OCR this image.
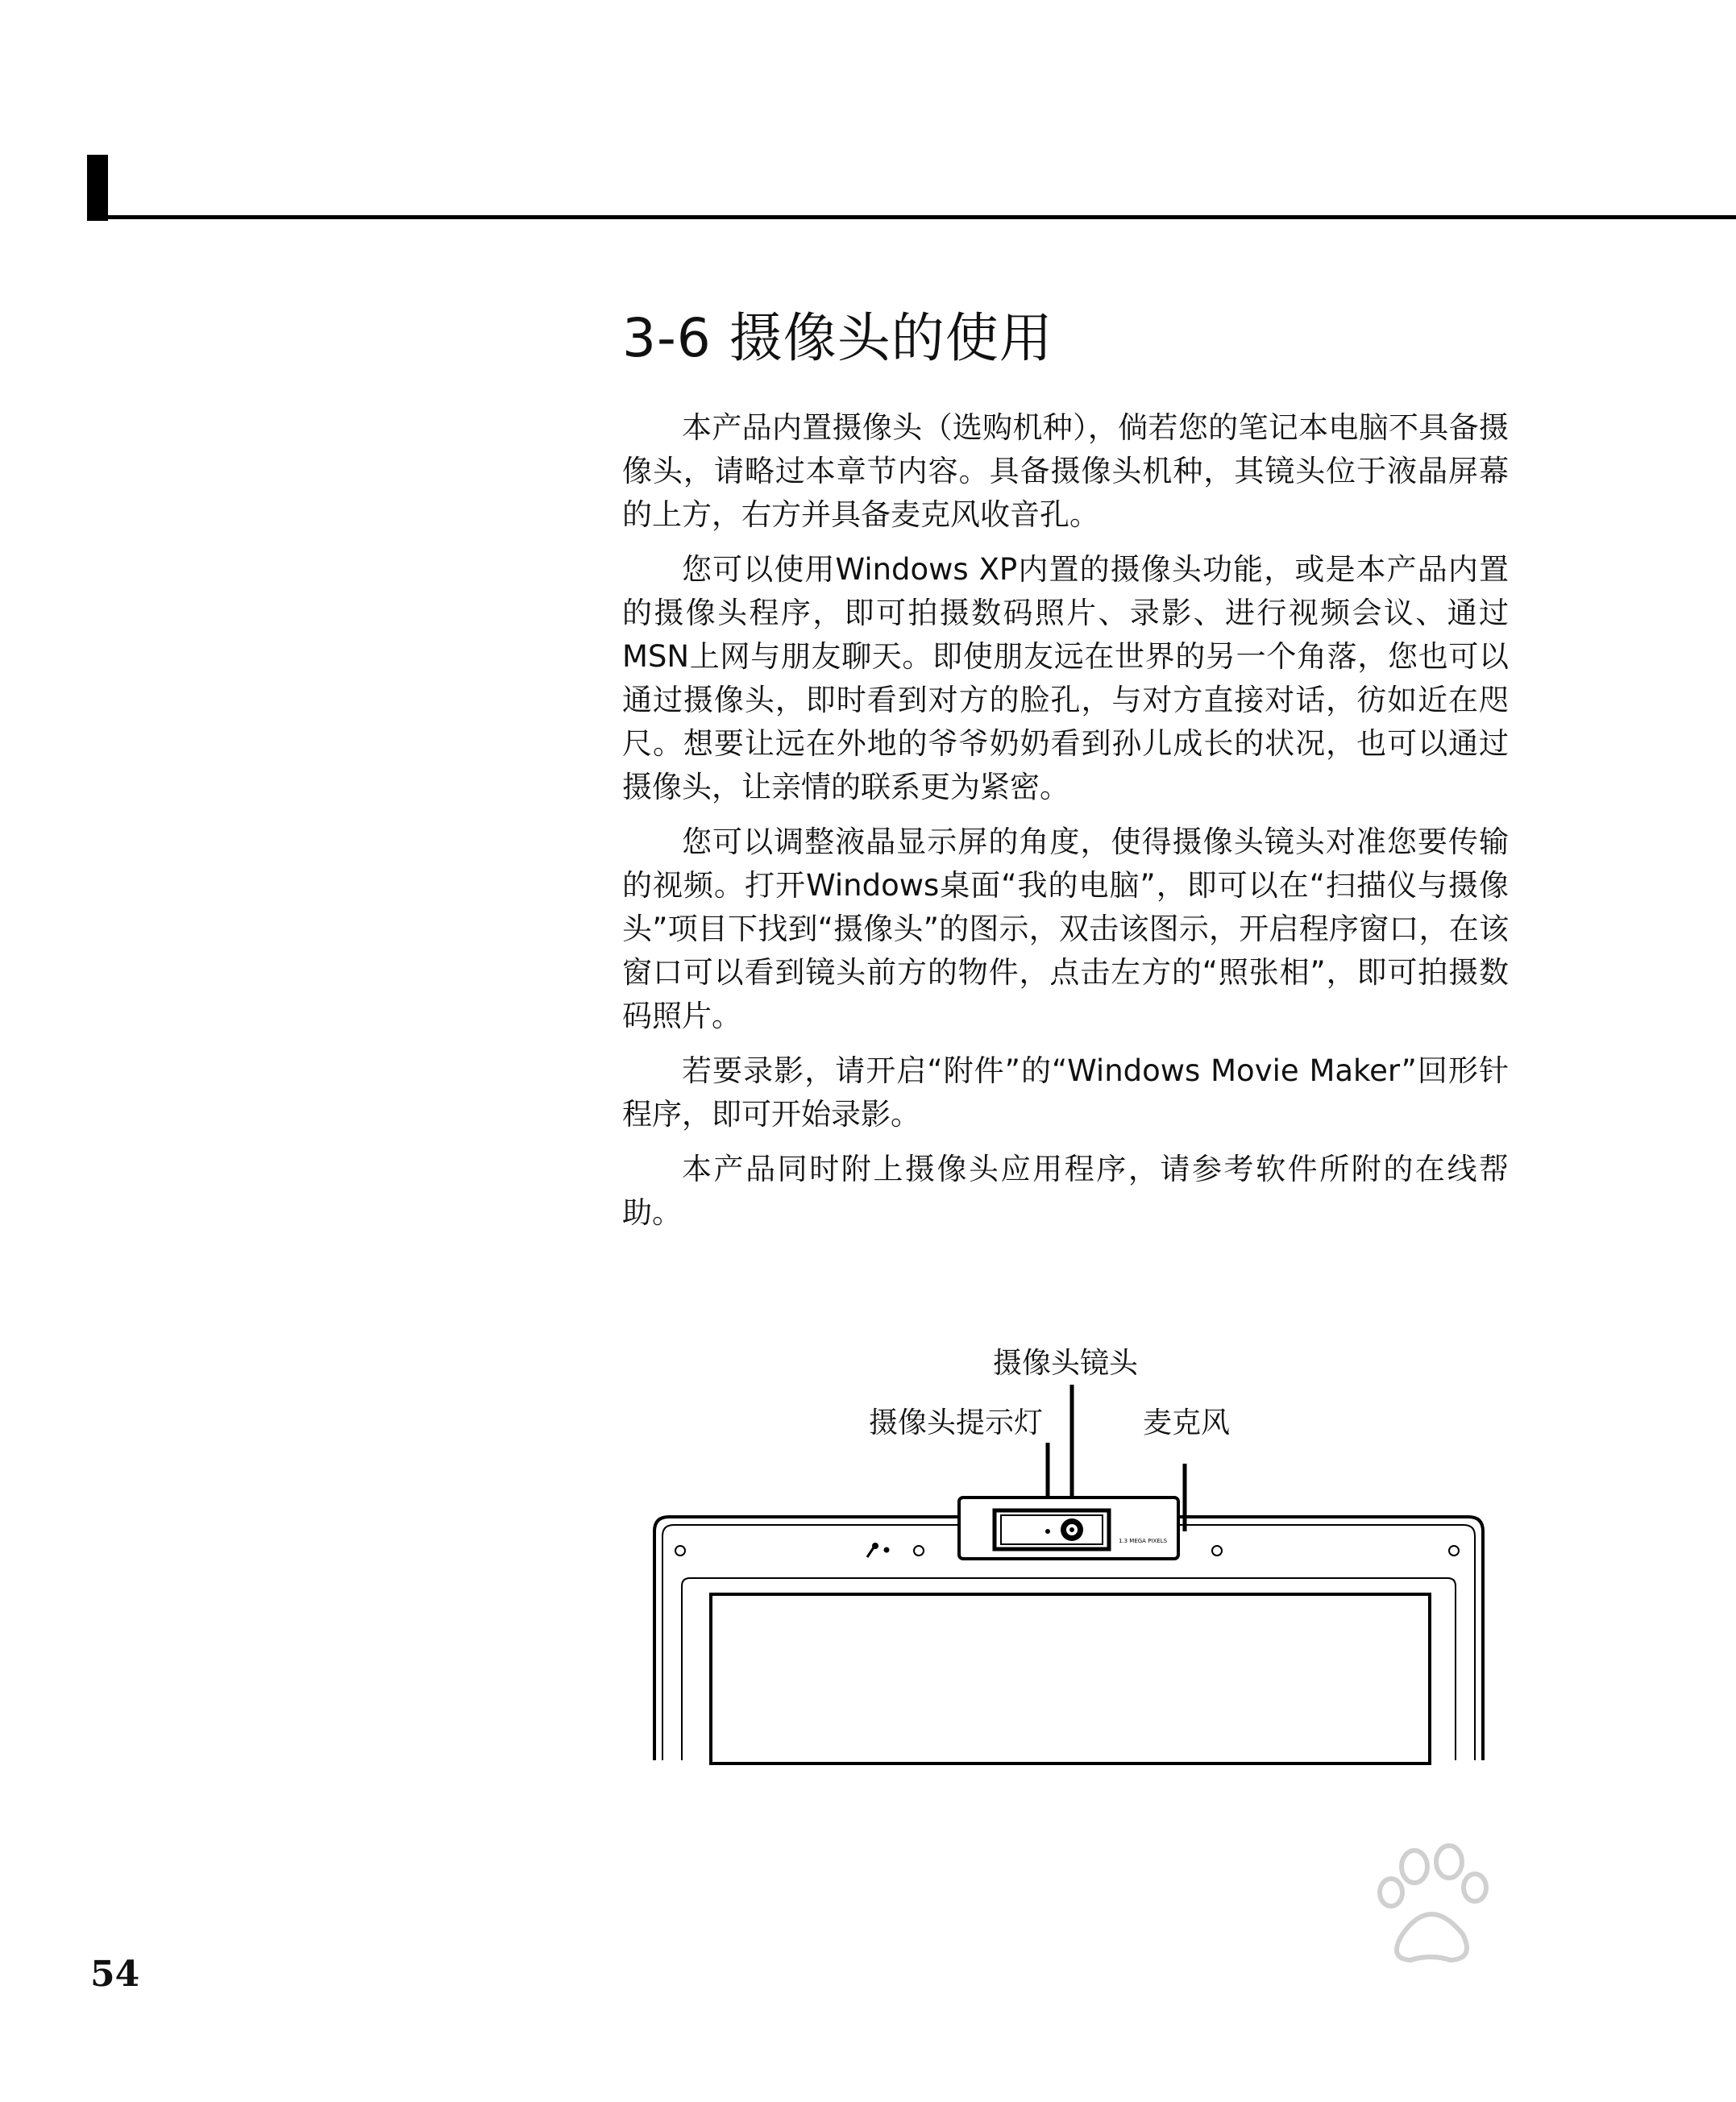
3-6 摄像头的使用

本产品内置摄像头（选购机种），倘若您的笔记本电脑不具备摄像头，请略过本章节内容。具备摄像头机种，其镜头位于液晶屏幕的上方，右方并具备麦克风收音孔。

您可以使用Windows XP内置的摄像头功能，或是本产品内置的摄像头程序，即可拍摄数码照片、录影、进行视频会议、通过MSN上网与朋友聊天。即使朋友远在世界的另一个角落，您也可以通过摄像头，即时看到对方的脸孔，与对方直接对话，彷如近在咫尺。想要让远在外地的爷爷奶奶看到孙儿成长的状况，也可以通过摄像头，让亲情的联系更为紧密。

您可以调整液晶显示屏的角度，使得摄像头镜头对准您要传输的视频。打开Windows桌面“我的电脑”，即可以在“扫描仪与摄像头”项目下找到“摄像头”的图示，双击该图示，开启程序窗口，在该窗口可以看到镜头前方的物件，点击左方的“照张相”，即可拍摄数码照片。

若要录影，请开启“附件”的“Windows Movie Maker”回形针程序，即可开始录影。

本产品同时附上摄像头应用程序，请参考软件所附的在线帮助。

1.3 MEGA PIXELS
摄像头镜头
摄像头提示灯	麦克风
54
